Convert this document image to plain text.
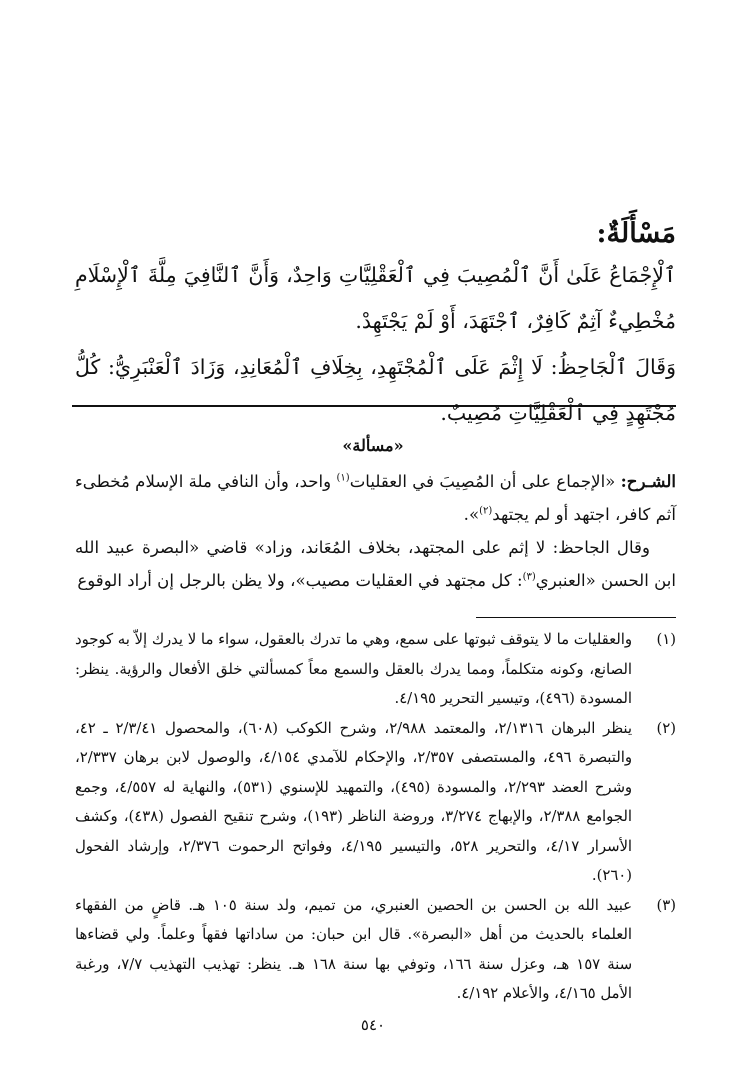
مَسْأَلَةٌ:

ٱلْإِجْمَاعُ عَلَىٰ أَنَّ ٱلْمُصِيبَ فِي ٱلْعَقْلِيَّاتِ وَاحِدٌ، وَأَنَّ ٱلنَّافِيَ مِلَّةَ ٱلْإِسْلَامِ مُخْطِيءٌ آثِمٌ كَافِرٌ، ٱجْتَهَدَ، أَوْ لَمْ يَجْتَهِدْ.

وَقَالَ ٱلْجَاحِظُ: لَا إِثْمَ عَلَى ٱلْمُجْتَهِدِ، بِخِلَافِ ٱلْمُعَانِدِ، وَزَادَ ٱلْعَنْبَرِيُّ: كُلُّ مُجْتَهِدٍ فِي ٱلْعَقْلِيَّاتِ مُصِيبٌ.

«مسألة»

الشـرح: «الإجماع على أن المُصِيبَ في العقليات$^{(١)}$ واحد، وأن النافي ملة الإسلام مُخطىء آثم كافر، اجتهد أو لم يجتهد$^{(٢)}$».

وقال الجاحظ: لا إثم على المجتهد، بخلاف المُعَاند، وزاد» قاضي «البصرة عبيد الله ابن الحسن «العنبري$^{(٣)}$: كل مجتهد في العقليات مصيب»، ولا يظن بالرجل إن أراد الوقوع

(١)
والعقليات ما لا يتوقف ثبوتها على سمع، وهي ما تدرك بالعقول، سواء ما لا يدرك إلاّ به كوجود الصانع، وكونه متكلماً، ومما يدرك بالعقل والسمع معاً كمسألتي خلق الأفعال والرؤية. ينظر: المسودة (٤٩٦)، وتيسير التحرير ٤/١٩٥.

(٢)
ينظر البرهان ٢/١٣١٦، والمعتمد ٢/٩٨٨، وشرح الكوكب (٦٠٨)، والمحصول ٢/٣/٤١ ـ ٤٢، والتبصرة ٤٩٦، والمستصفى ٢/٣٥٧، والإحكام للآمدي ٤/١٥٤، والوصول لابن برهان ٢/٣٣٧، وشرح العضد ٢/٢٩٣، والمسودة (٤٩٥)، والتمهيد للإسنوي (٥٣١)، والنهاية له ٤/٥٥٧، وجمع الجوامع ٢/٣٨٨، والإبهاج ٣/٢٧٤، وروضة الناظر (١٩٣)، وشرح تنقيح الفصول (٤٣٨)، وكشف الأسرار ٤/١٧، والتحرير ٥٢٨، والتيسير ٤/١٩٥، وفواتح الرحموت ٢/٣٧٦، وإرشاد الفحول (٢٦٠).

(٣)
عبيد الله بن الحسن بن الحصين العنبري، من تميم، ولد سنة ١٠٥ هـ. قاضٍ من الفقهاء العلماء بالحديث من أهل «البصرة». قال ابن حبان: من ساداتها فقهاً وعلماً. ولي قضاءها سنة ١٥٧ هـ، وعزل سنة ١٦٦، وتوفي بها سنة ١٦٨ هـ. ينظر: تهذيب التهذيب ٧/٧، ورغبة الأمل ٤/١٦٥، والأعلام ٤/١٩٢.

٥٤٠
